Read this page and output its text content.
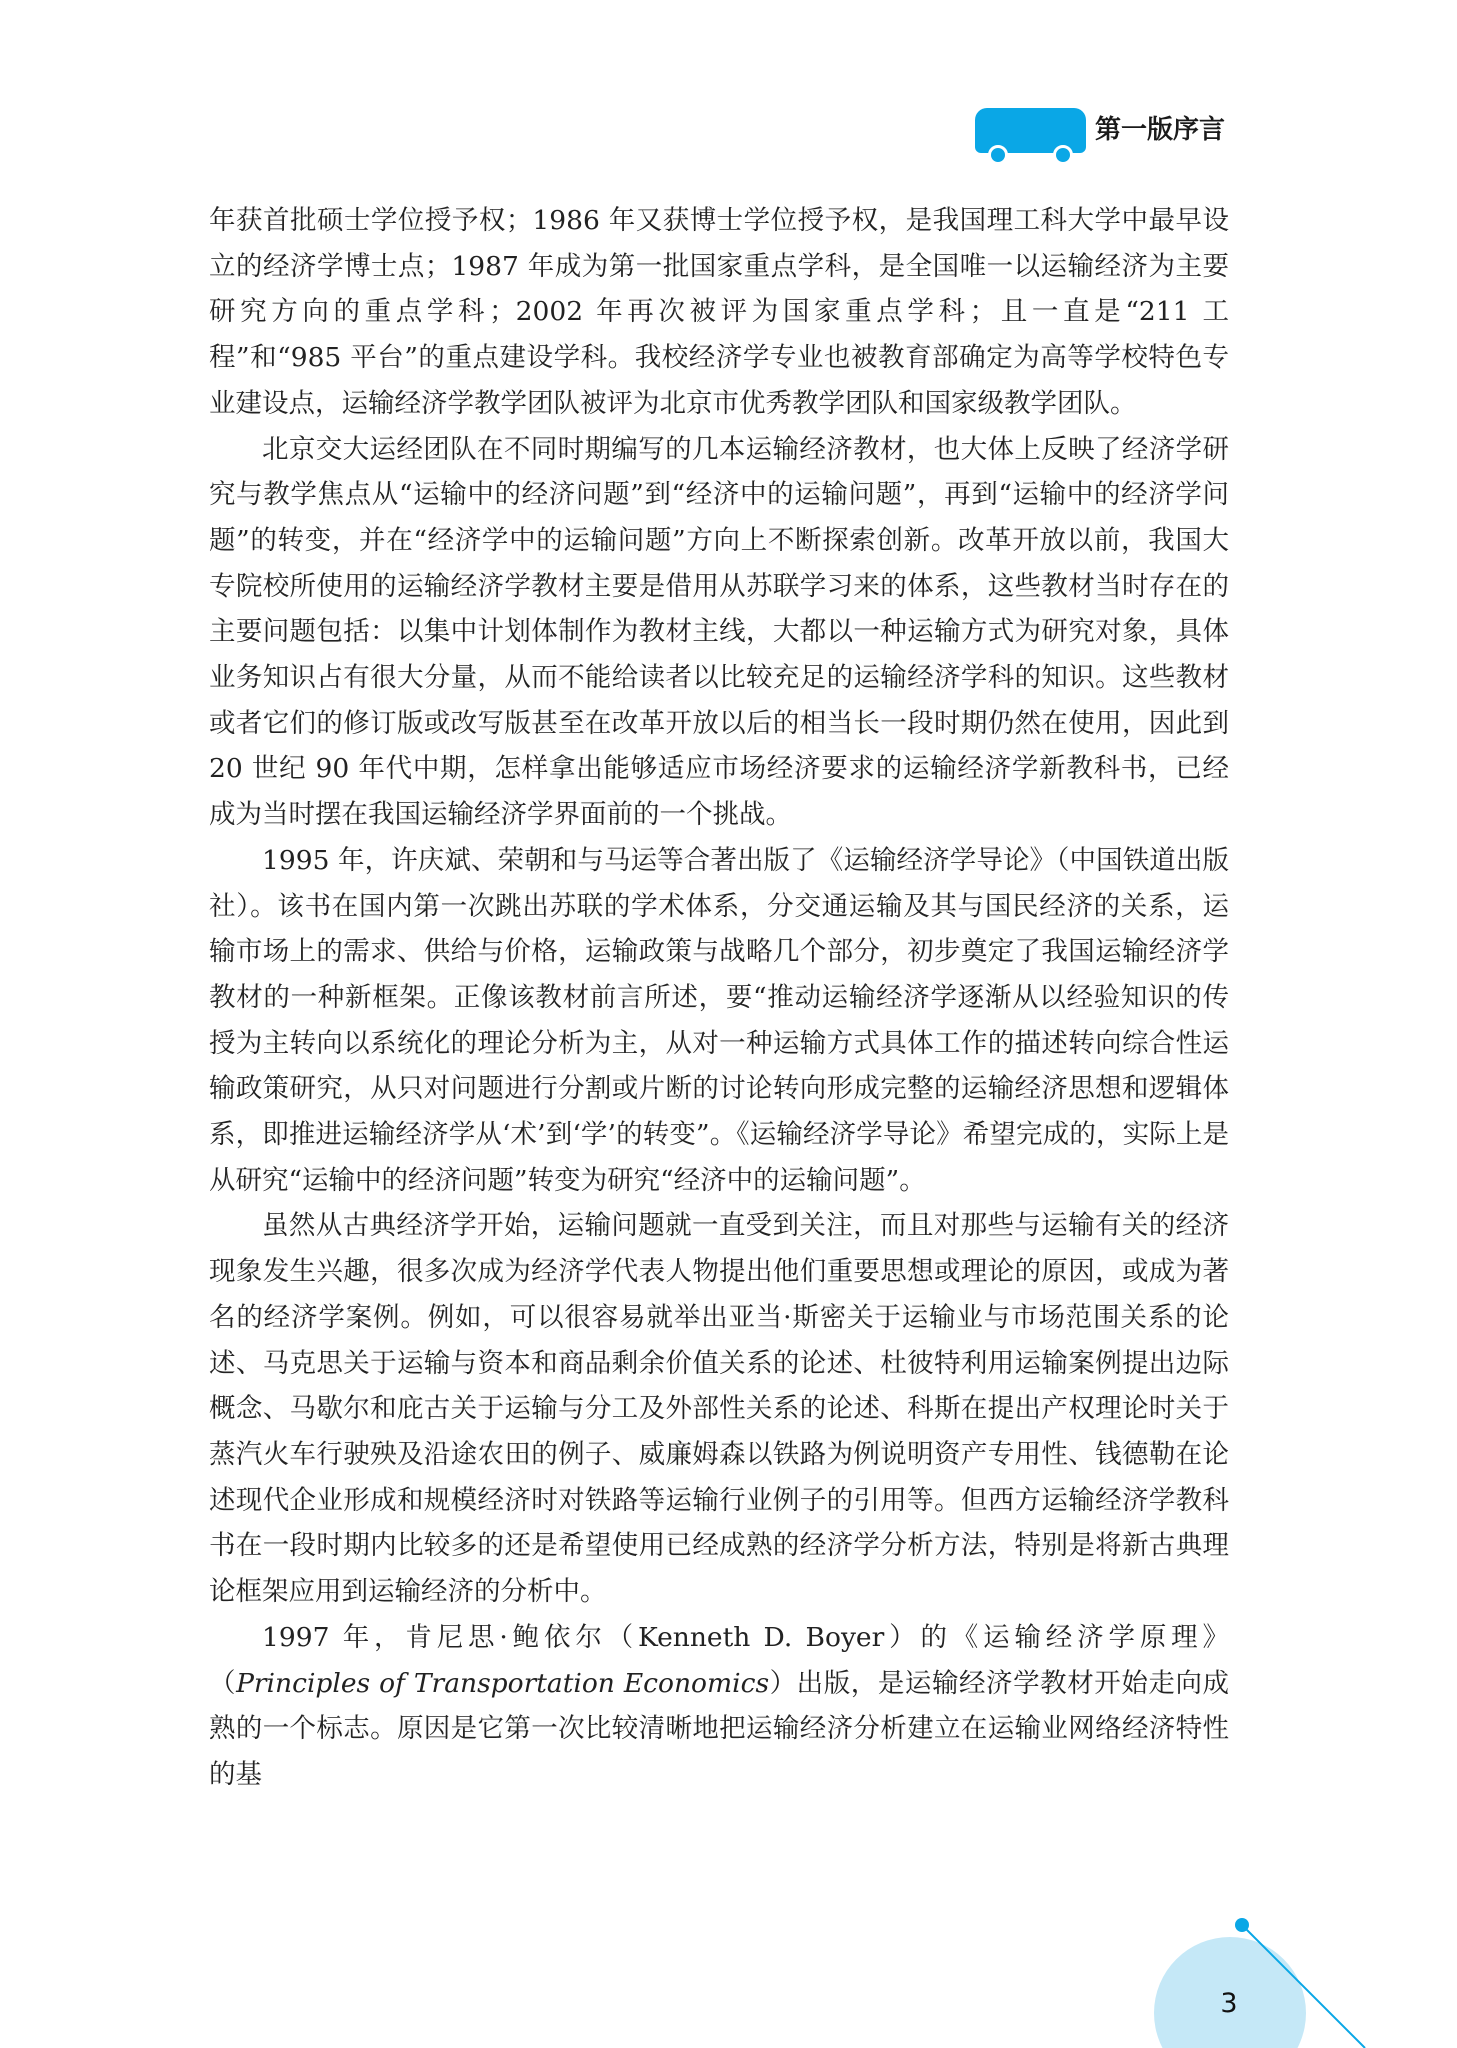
第一版序言

年获首批硕士学位授予权；1986 年又获博士学位授予权，是我国理工科大学中最早设立的经济学博士点；1987 年成为第一批国家重点学科，是全国唯一以运输经济为主要研究方向的重点学科；2002 年再次被评为国家重点学科；且一直是“211 工程”和“985 平台”的重点建设学科。我校经济学专业也被教育部确定为高等学校特色专业建设点，运输经济学教学团队被评为北京市优秀教学团队和国家级教学团队。

北京交大运经团队在不同时期编写的几本运输经济教材，也大体上反映了经济学研究与教学焦点从“运输中的经济问题”到“经济中的运输问题”，再到“运输中的经济学问题”的转变，并在“经济学中的运输问题”方向上不断探索创新。改革开放以前，我国大专院校所使用的运输经济学教材主要是借用从苏联学习来的体系，这些教材当时存在的主要问题包括：以集中计划体制作为教材主线，大都以一种运输方式为研究对象，具体业务知识占有很大分量，从而不能给读者以比较充足的运输经济学科的知识。这些教材或者它们的修订版或改写版甚至在改革开放以后的相当长一段时期仍然在使用，因此到 20 世纪 90 年代中期，怎样拿出能够适应市场经济要求的运输经济学新教科书，已经成为当时摆在我国运输经济学界面前的一个挑战。

1995 年，许庆斌、荣朝和与马运等合著出版了《运输经济学导论》（中国铁道出版社）。该书在国内第一次跳出苏联的学术体系，分交通运输及其与国民经济的关系，运输市场上的需求、供给与价格，运输政策与战略几个部分，初步奠定了我国运输经济学教材的一种新框架。正像该教材前言所述，要“推动运输经济学逐渐从以经验知识的传授为主转向以系统化的理论分析为主，从对一种运输方式具体工作的描述转向综合性运输政策研究，从只对问题进行分割或片断的讨论转向形成完整的运输经济思想和逻辑体系，即推进运输经济学从‘术’到‘学’的转变”。《运输经济学导论》希望完成的，实际上是从研究“运输中的经济问题”转变为研究“经济中的运输问题”。

虽然从古典经济学开始，运输问题就一直受到关注，而且对那些与运输有关的经济现象发生兴趣，很多次成为经济学代表人物提出他们重要思想或理论的原因，或成为著名的经济学案例。例如，可以很容易就举出亚当·斯密关于运输业与市场范围关系的论述、马克思关于运输与资本和商品剩余价值关系的论述、杜彼特利用运输案例提出边际概念、马歇尔和庇古关于运输与分工及外部性关系的论述、科斯在提出产权理论时关于蒸汽火车行驶殃及沿途农田的例子、威廉姆森以铁路为例说明资产专用性、钱德勒在论述现代企业形成和规模经济时对铁路等运输行业例子的引用等。但西方运输经济学教科书在一段时期内比较多的还是希望使用已经成熟的经济学分析方法，特别是将新古典理论框架应用到运输经济的分析中。

1997 年，肯尼思·鲍依尔（Kenneth D. Boyer）的《运输经济学原理》（Principles of Transportation Economics）出版，是运输经济学教材开始走向成熟的一个标志。原因是它第一次比较清晰地把运输经济分析建立在运输业网络经济特性的基

3
